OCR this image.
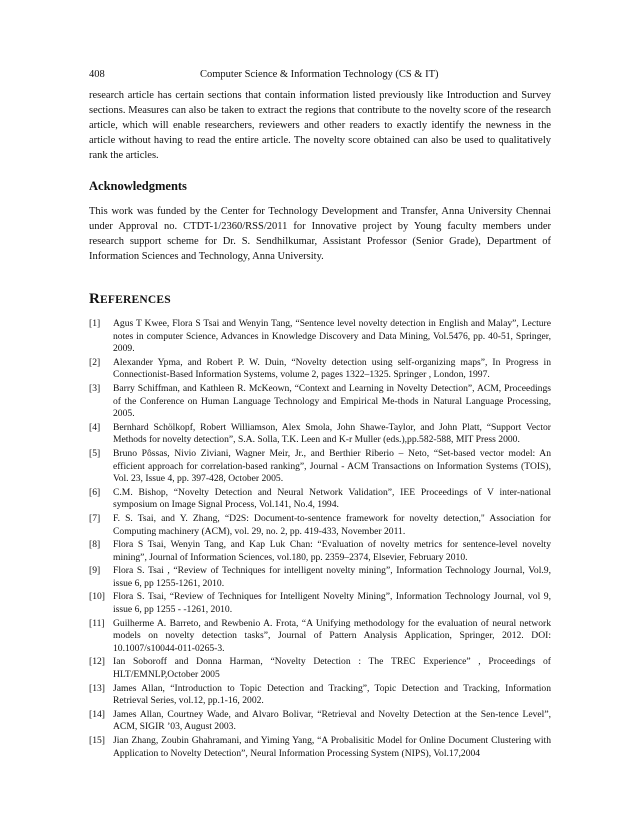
408	Computer Science & Information Technology (CS & IT)

research article has certain sections that contain information listed previously like Introduction and Survey sections. Measures can also be taken to extract the regions that contribute to the novelty score of the research article, which will enable researchers, reviewers and other readers to exactly identify the newness in the article without having to read the entire article. The novelty score obtained can also be used to qualitatively rank the articles.

Acknowledgments

This work was funded by the Center for Technology Development and Transfer, Anna University Chennai under Approval no. CTDT-1/2360/RSS/2011 for Innovative project by Young faculty members under research support scheme for Dr. S. Sendhilkumar, Assistant Professor (Senior Grade), Department of Information Sciences and Technology, Anna University.

REFERENCES
[1] Agus T Kwee, Flora S Tsai and Wenyin Tang, “Sentence level novelty detection in English and Malay”, Lecture notes in computer Science, Advances in Knowledge Discovery and Data Mining, Vol.5476, pp. 40-51, Springer, 2009.
[2] Alexander Ypma, and Robert P. W. Duin, “Novelty detection using self-organizing maps”, In Progress in Connectionist-Based Information Systems, volume 2, pages 1322–1325. Springer , London, 1997.
[3] Barry Schiffman, and Kathleen R. McKeown, “Context and Learning in Novelty Detection”, ACM, Proceedings of the Conference on Human Language Technology and Empirical Me-thods in Natural Language Processing, 2005.
[4] Bernhard Schölkopf, Robert Williamson, Alex Smola, John Shawe-Taylor, and John Platt, “Support Vector Methods for novelty detection”, S.A. Solla, T.K. Leen and K-r Muller (eds.),pp.582-588, MIT Press 2000.
[5] Bruno Pôssas, Nivio Ziviani, Wagner Meir, Jr., and Berthier Riberio – Neto, “Set-based vector model: An efficient approach for correlation-based ranking”, Journal - ACM Transactions on Information Systems (TOIS), Vol. 23, Issue 4, pp. 397-428, October 2005.
[6] C.M. Bishop, “Novelty Detection and Neural Network Validation”, IEE Proceedings of V inter-national symposium on Image Signal Process, Vol.141, No.4, 1994.
[7] F. S. Tsai, and Y. Zhang, “D2S: Document-to-sentence framework for novelty detection," Association for Computing machinery (ACM), vol. 29, no. 2, pp. 419-433, November 2011.
[8] Flora S Tsai, Wenyin Tang, and Kap Luk Chan: “Evaluation of novelty metrics for sentence-level novelty mining”, Journal of Information Sciences, vol.180, pp. 2359–2374, Elsevier, February 2010.
[9] Flora S. Tsai , “Review of Techniques for intelligent novelty mining”, Information Technology Journal, Vol.9, issue 6, pp 1255-1261, 2010.
[10] Flora S. Tsai, “Review of Techniques for Intelligent Novelty Mining”, Information Technology Journal, vol 9, issue 6, pp 1255 - -1261, 2010.
[11] Guilherme A. Barreto, and Rewbenio A. Frota, “A Unifying methodology for the evaluation of neural network models on novelty detection tasks”, Journal of Pattern Analysis Application, Springer, 2012. DOI: 10.1007/s10044-011-0265-3.
[12] Ian Soboroff and Donna Harman, “Novelty Detection : The TREC Experience” , Proceedings of HLT/EMNLP,October 2005
[13] James Allan, “Introduction to Topic Detection and Tracking”, Topic Detection and Tracking, Information Retrieval Series, vol.12, pp.1-16, 2002.
[14] James Allan, Courtney Wade, and Alvaro Bolivar, “Retrieval and Novelty Detection at the Sen-tence Level”, ACM, SIGIR ’03, August 2003.
[15] Jian Zhang, Zoubin Ghahramani, and Yiming Yang, “A Probalisitic Model for Online Document Clustering with Application to Novelty Detection”, Neural Information Processing System (NIPS), Vol.17,2004
